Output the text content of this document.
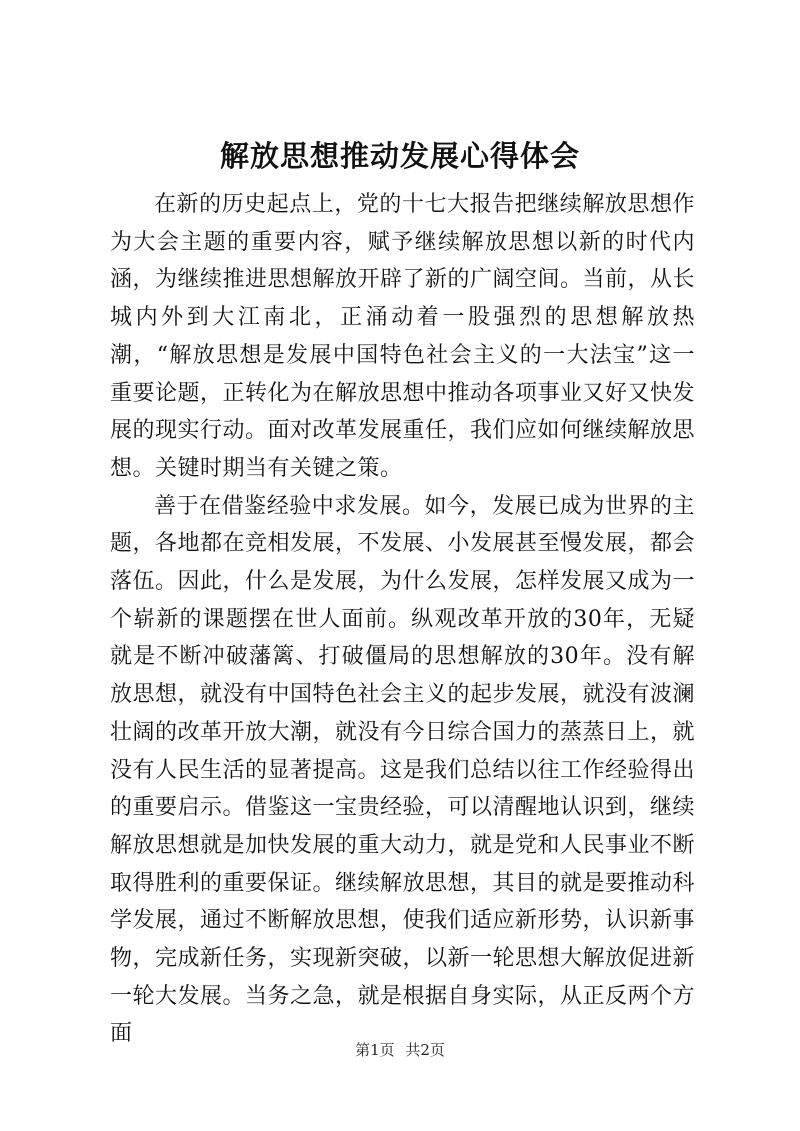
解放思想推动发展心得体会

在新的历史起点上，党的十七大报告把继续解放思想作为大会主题的重要内容，赋予继续解放思想以新的时代内涵，为继续推进思想解放开辟了新的广阔空间。当前，从长城内外到大江南北，正涌动着一股强烈的思想解放热潮，“解放思想是发展中国特色社会主义的一大法宝”这一重要论题，正转化为在解放思想中推动各项事业又好又快发展的现实行动。面对改革发展重任，我们应如何继续解放思想。关键时期当有关键之策。

善于在借鉴经验中求发展。如今，发展已成为世界的主题，各地都在竞相发展，不发展、小发展甚至慢发展，都会落伍。因此，什么是发展，为什么发展，怎样发展又成为一个崭新的课题摆在世人面前。纵观改革开放的30年，无疑就是不断冲破藩篱、打破僵局的思想解放的30年。没有解放思想，就没有中国特色社会主义的起步发展，就没有波澜壮阔的改革开放大潮，就没有今日综合国力的蒸蒸日上，就没有人民生活的显著提高。这是我们总结以往工作经验得出的重要启示。借鉴这一宝贵经验，可以清醒地认识到，继续解放思想就是加快发展的重大动力，就是党和人民事业不断取得胜利的重要保证。继续解放思想，其目的就是要推动科学发展，通过不断解放思想，使我们适应新形势，认识新事物，完成新任务，实现新突破，以新一轮思想大解放促进新一轮大发展。当务之急，就是根据自身实际，从正反两个方面

第1页 共2页
